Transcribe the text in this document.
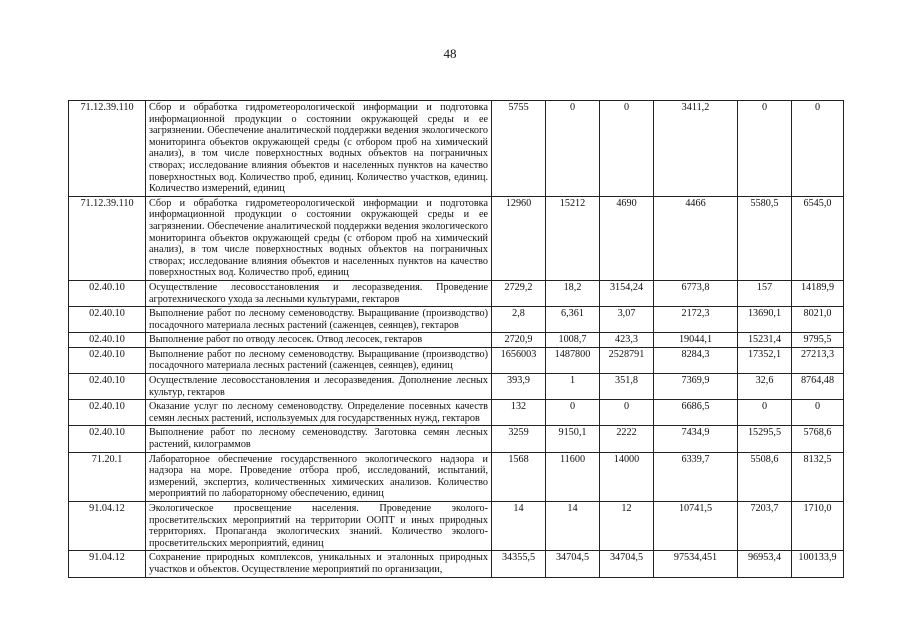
48
71.12.39.110	Сбор и обработка гидрометеорологической информации и подготовка информационной продукции о состоянии окружающей среды и ее загрязнении. Обеспечение аналитической поддержки ведения экологического мониторинга объектов окружающей среды (с отбором проб на химический анализ), в том числе поверхностных водных объектов на пограничных створах; исследование влияния объектов и населенных пунктов на качество поверхностных вод. Количество проб, единиц. Количество участков, единиц. Количество измерений, единиц	5755	0	0	3411,2	0	0
71.12.39.110	Сбор и обработка гидрометеорологической информации и подготовка информационной продукции о состоянии окружающей среды и ее загрязнении. Обеспечение аналитической поддержки ведения экологического мониторинга объектов окружающей среды (с отбором проб на химический анализ), в том числе поверхностных водных объектов на пограничных створах; исследование влияния объектов и населенных пунктов на качество поверхностных вод. Количество проб, единиц	12960	15212	4690	4466	5580,5	6545,0
02.40.10	Осуществление лесовосстановления и лесоразведения. Проведение агротехнического ухода за лесными культурами, гектаров	2729,2	18,2	3154,24	6773,8	157	14189,9
02.40.10	Выполнение работ по лесному семеноводству. Выращивание (производство) посадочного материала лесных растений (саженцев, сеянцев), гектаров	2,8	6,361	3,07	2172,3	13690,1	8021,0
02.40.10	Выполнение работ по отводу лесосек. Отвод лесосек, гектаров	2720,9	1008,7	423,3	19044,1	15231,4	9795,5
02.40.10	Выполнение работ по лесному семеноводству. Выращивание (производство) посадочного материала лесных растений (саженцев, сеянцев), единиц	1656003	1487800	2528791	8284,3	17352,1	27213,3
02.40.10	Осуществление лесовосстановления и лесоразведения. Дополнение лесных культур, гектаров	393,9	1	351,8	7369,9	32,6	8764,48
02.40.10	Оказание услуг по лесному семеноводству. Определение посевных качеств семян лесных растений, используемых для государственных нужд, гектаров	132	0	0	6686,5	0	0
02.40.10	Выполнение работ по лесному семеноводству. Заготовка семян лесных растений, килограммов	3259	9150,1	2222	7434,9	15295,5	5768,6
71.20.1	Лабораторное обеспечение государственного экологического надзора и надзора на море. Проведение отбора проб, исследований, испытаний, измерений, экспертиз, количественных химических анализов. Количество мероприятий по лабораторному обеспечению, единиц	1568	11600	14000	6339,7	5508,6	8132,5
91.04.12	Экологическое просвещение населения. Проведение эколого-просветительских мероприятий на территории ООПТ и иных природных территориях. Пропаганда экологических знаний. Количество эколого-просветительских мероприятий, единиц	14	14	12	10741,5	7203,7	1710,0
91.04.12	Сохранение природных комплексов, уникальных и эталонных природных участков и объектов. Осуществление мероприятий по организации,	34355,5	34704,5	34704,5	97534,451	96953,4	100133,9
